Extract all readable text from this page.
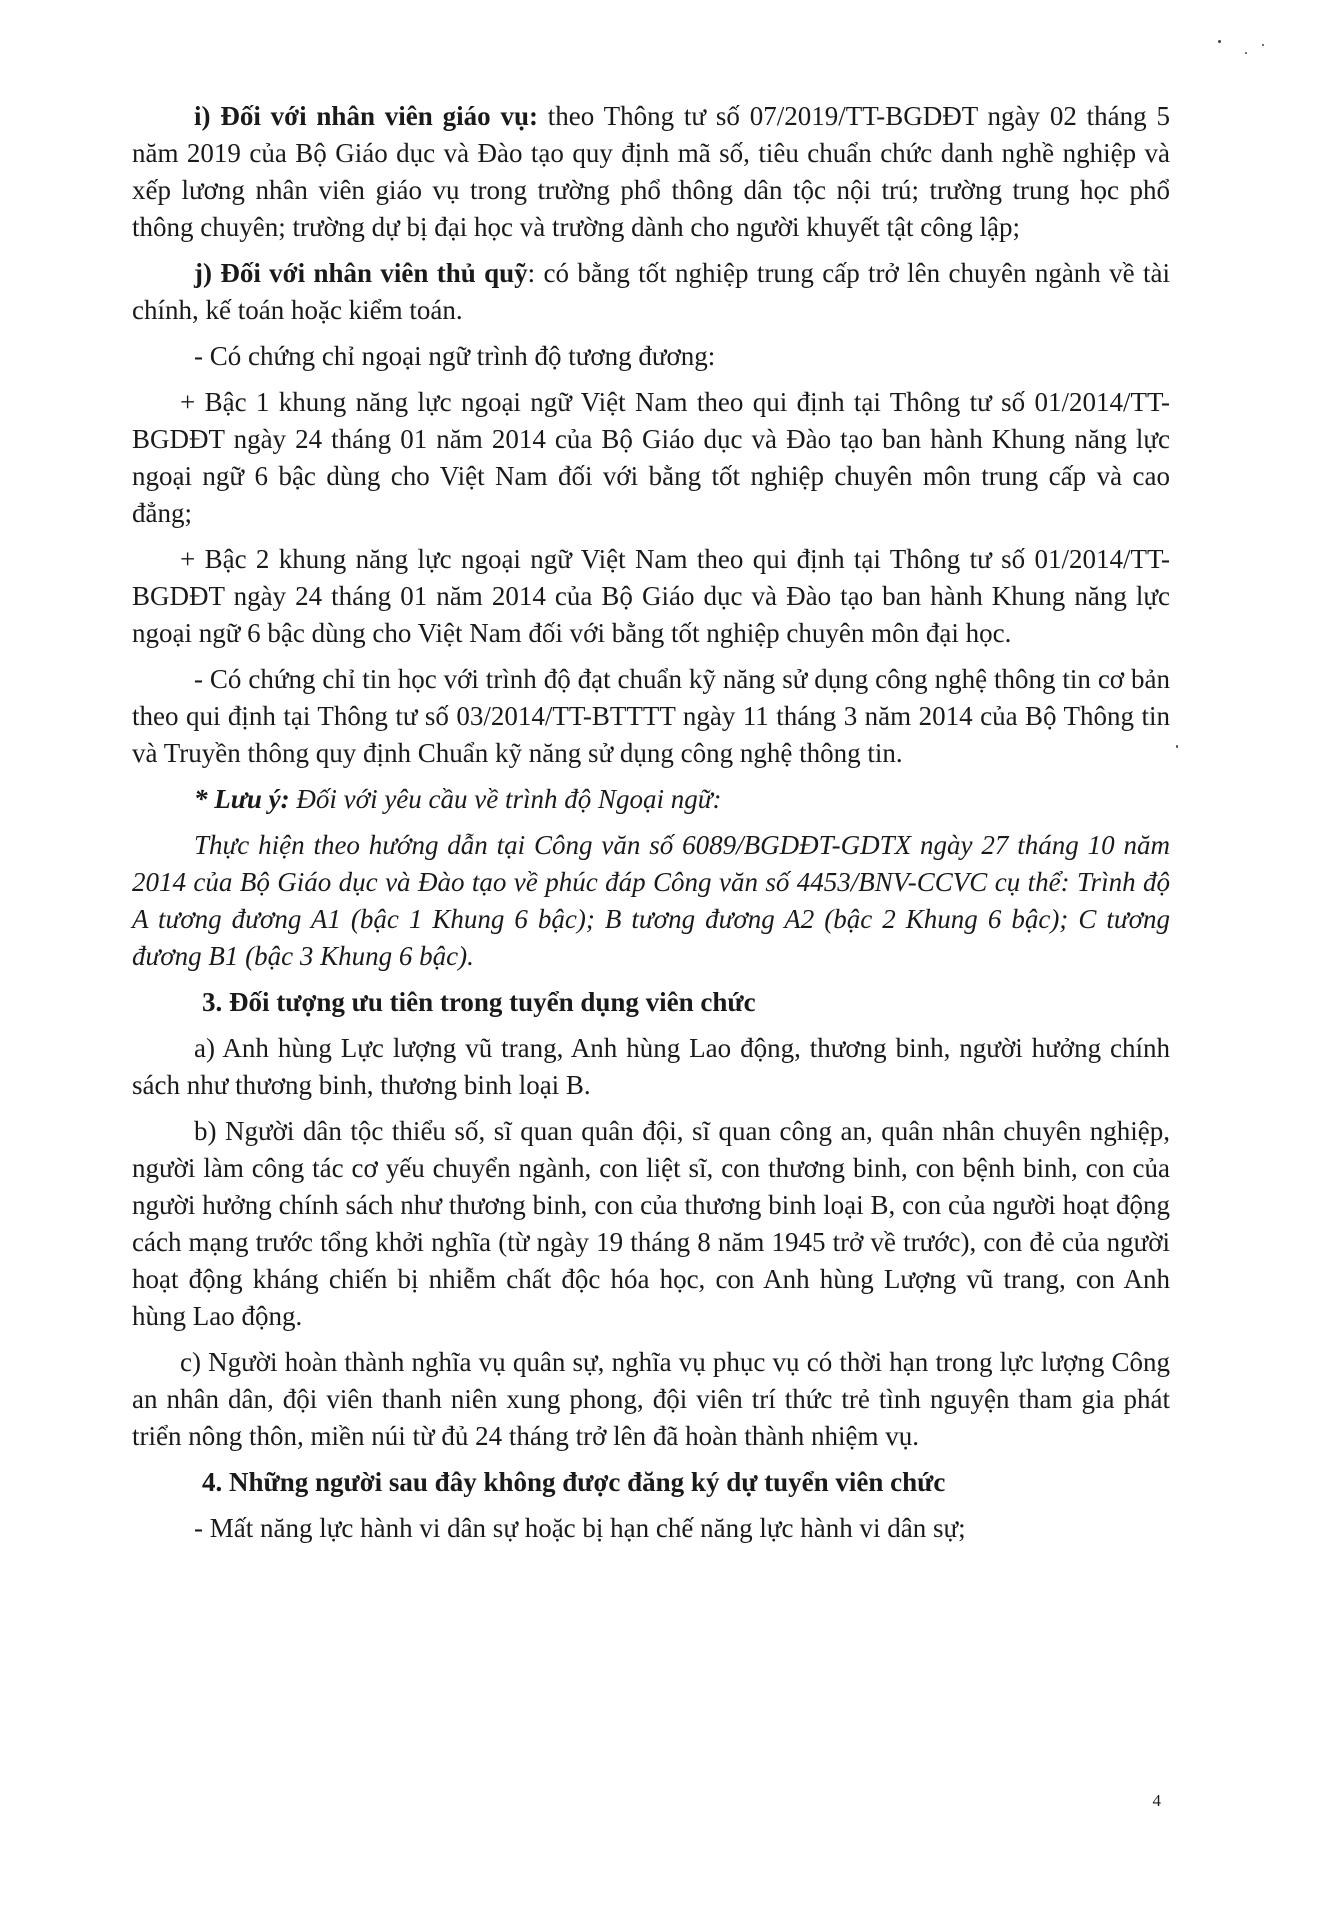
i) Đối với nhân viên giáo vụ: theo Thông tư số 07/2019/TT-BGDĐT ngày 02 tháng 5 năm 2019 của Bộ Giáo dục và Đào tạo quy định mã số, tiêu chuẩn chức danh nghề nghiệp và xếp lương nhân viên giáo vụ trong trường phổ thông dân tộc nội trú; trường trung học phổ thông chuyên; trường dự bị đại học và trường dành cho người khuyết tật công lập;

j) Đối với nhân viên thủ quỹ: có bằng tốt nghiệp trung cấp trở lên chuyên ngành về tài chính, kế toán hoặc kiểm toán.

- Có chứng chỉ ngoại ngữ trình độ tương đương:

+ Bậc 1 khung năng lực ngoại ngữ Việt Nam theo qui định tại Thông tư số 01/2014/TT-BGDĐT ngày 24 tháng 01 năm 2014 của Bộ Giáo dục và Đào tạo ban hành Khung năng lực ngoại ngữ 6 bậc dùng cho Việt Nam đối với bằng tốt nghiệp chuyên môn trung cấp và cao đẳng;

+ Bậc 2 khung năng lực ngoại ngữ Việt Nam theo qui định tại Thông tư số 01/2014/TT-BGDĐT ngày 24 tháng 01 năm 2014 của Bộ Giáo dục và Đào tạo ban hành Khung năng lực ngoại ngữ 6 bậc dùng cho Việt Nam đối với bằng tốt nghiệp chuyên môn đại học.

- Có chứng chỉ tin học với trình độ đạt chuẩn kỹ năng sử dụng công nghệ thông tin cơ bản theo qui định tại Thông tư số 03/2014/TT-BTTTT ngày 11 tháng 3 năm 2014 của Bộ Thông tin và Truyền thông quy định Chuẩn kỹ năng sử dụng công nghệ thông tin.

* Lưu ý: Đối với yêu cầu về trình độ Ngoại ngữ:

Thực hiện theo hướng dẫn tại Công văn số 6089/BGDĐT-GDTX ngày 27 tháng 10 năm 2014 của Bộ Giáo dục và Đào tạo về phúc đáp Công văn số 4453/BNV-CCVC cụ thể: Trình độ A tương đương A1 (bậc 1 Khung 6 bậc); B tương đương A2 (bậc 2 Khung 6 bậc); C tương đương B1 (bậc 3 Khung 6 bậc).

3. Đối tượng ưu tiên trong tuyển dụng viên chức

a) Anh hùng Lực lượng vũ trang, Anh hùng Lao động, thương binh, người hưởng chính sách như thương binh, thương binh loại B.

b) Người dân tộc thiểu số, sĩ quan quân đội, sĩ quan công an, quân nhân chuyên nghiệp, người làm công tác cơ yếu chuyển ngành, con liệt sĩ, con thương binh, con bệnh binh, con của người hưởng chính sách như thương binh, con của thương binh loại B, con của người hoạt động cách mạng trước tổng khởi nghĩa (từ ngày 19 tháng 8 năm 1945 trở về trước), con đẻ của người hoạt động kháng chiến bị nhiễm chất độc hóa học, con Anh hùng Lượng vũ trang, con Anh hùng Lao động.

c) Người hoàn thành nghĩa vụ quân sự, nghĩa vụ phục vụ có thời hạn trong lực lượng Công an nhân dân, đội viên thanh niên xung phong, đội viên trí thức trẻ tình nguyện tham gia phát triển nông thôn, miền núi từ đủ 24 tháng trở lên đã hoàn thành nhiệm vụ.

4. Những người sau đây không được đăng ký dự tuyển viên chức

- Mất năng lực hành vi dân sự hoặc bị hạn chế năng lực hành vi dân sự;

4
